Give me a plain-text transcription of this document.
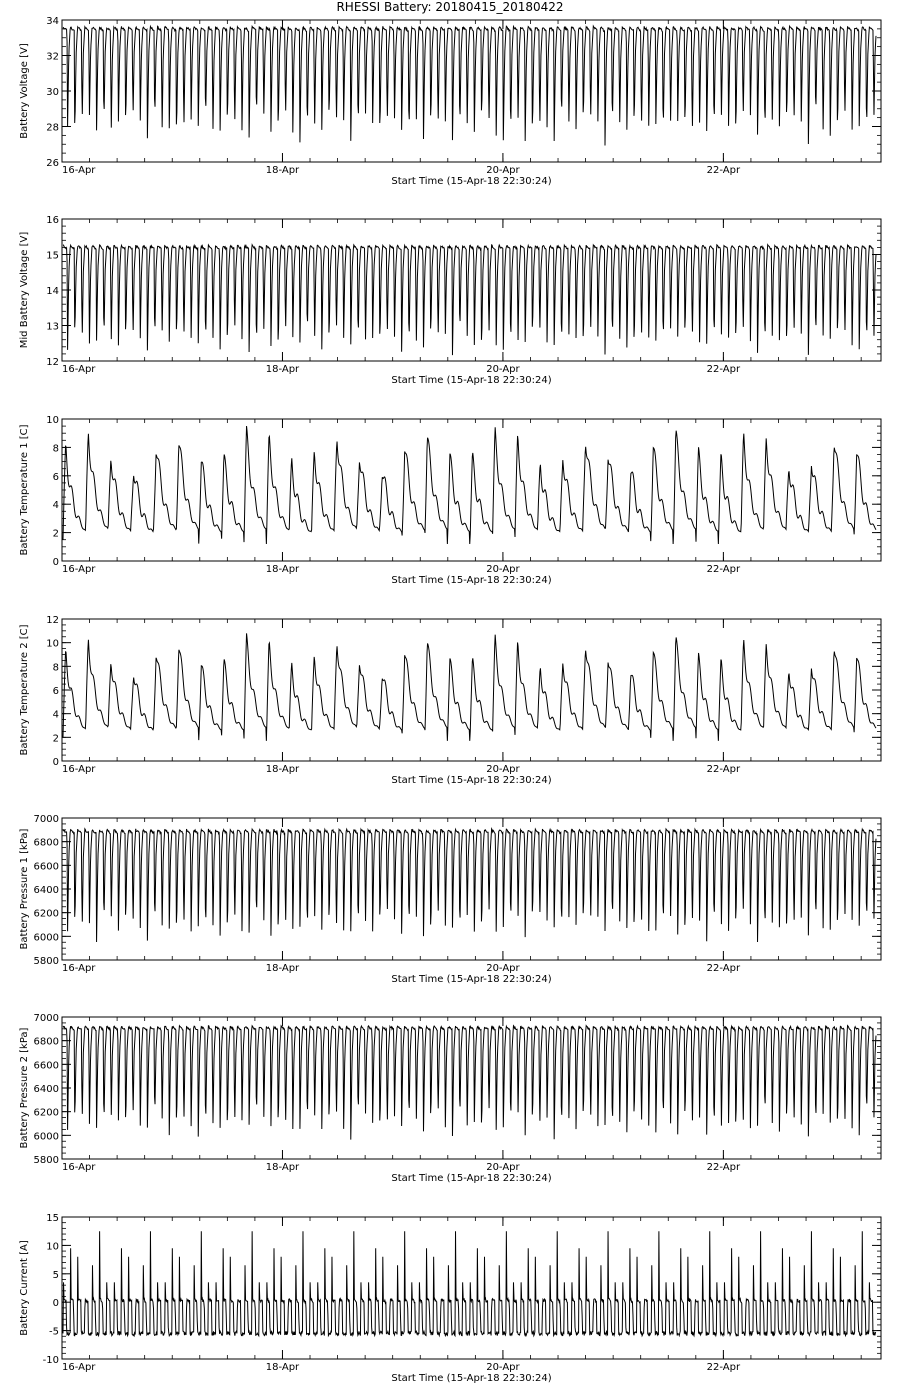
RHESSI Battery: 20180415_20180422
26
28
30
32
34
16-Apr	18-Apr	20-Apr	22-Apr
Start Time (15-Apr-18 22:30:24)
Battery Voltage [V]
12
13
14
15
16
16-Apr	18-Apr	20-Apr	22-Apr
Start Time (15-Apr-18 22:30:24)
Mid Battery Voltage [V]
0
2
4
6
8
10
16-Apr	18-Apr	20-Apr	22-Apr
Start Time (15-Apr-18 22:30:24)
Battery Temperature 1 [C]
0
2
4
6
8
10
12
16-Apr	18-Apr	20-Apr	22-Apr
Start Time (15-Apr-18 22:30:24)
Battery Temperature 2 [C]
5800
6000
6200
6400
6600
6800
7000
16-Apr	18-Apr	20-Apr	22-Apr
Start Time (15-Apr-18 22:30:24)
Battery Pressure 1 [kPa]
5800
6000
6200
6400
6600
6800
7000
16-Apr	18-Apr	20-Apr	22-Apr
Start Time (15-Apr-18 22:30:24)
Battery Pressure 2 [kPa]
-10
-5
0
5
10
15
16-Apr	18-Apr	20-Apr	22-Apr
Start Time (15-Apr-18 22:30:24)
Battery Current [A]
